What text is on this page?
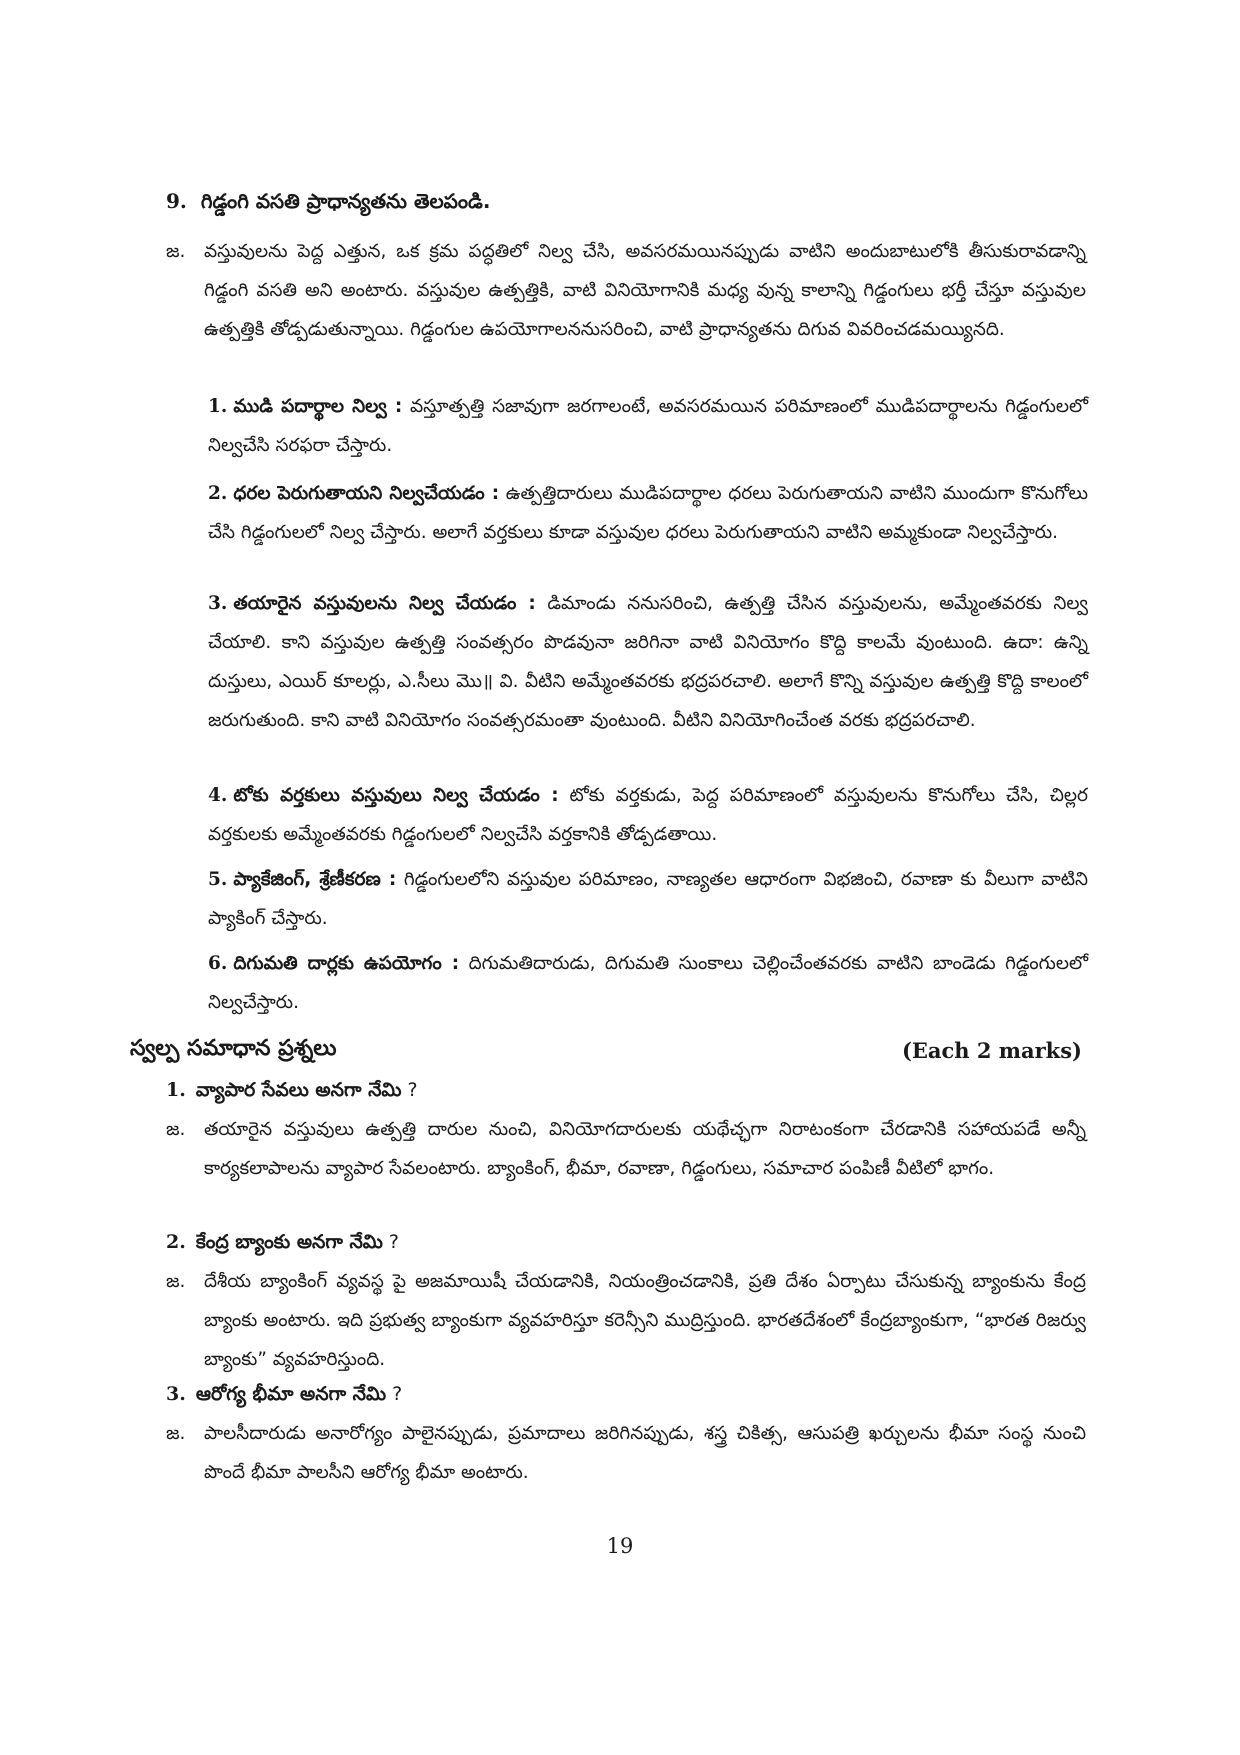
9. గిడ్డంగి వసతి ప్రాధాన్యతను తెలపండి.
జ. వస్తువులను పెద్ద ఎత్తున, ఒక క్రమ పద్ధతిలో నిల్వ చేసి, అవసరమయినప్పుడు వాటిని అందుబాటులోకి తీసుకురావడాన్ని గిడ్డంగి వసతి అని అంటారు. వస్తువుల ఉత్పత్తికి, వాటి వినియోగానికి మధ్య వున్న కాలాన్ని గిడ్డంగులు భర్తీ చేస్తూ వస్తువుల ఉత్పత్తికి తోడ్పడుతున్నాయి. గిడ్డంగుల ఉపయోగాలననుసరించి, వాటి ప్రాధాన్యతను దిగువ వివరించడమయ్యినది.
1. ముడి పదార్థాల నిల్వ : వస్తూత్పత్తి సజావుగా జరగాలంటే, అవసరమయిన పరిమాణంలో ముడిపదార్థాలను గిడ్డంగులలో నిల్వచేసి సరఫరా చేస్తారు.
2. ధరల పెరుగుతాయని నిల్వచేయడం : ఉత్పత్తిదారులు ముడిపదార్థాల ధరలు పెరుగుతాయని వాటిని ముందుగా కొనుగోలు చేసి గిడ్డంగులలో నిల్వ చేస్తారు. అలాగే వర్తకులు కూడా వస్తువుల ధరలు పెరుగుతాయని వాటిని అమ్మకుండా నిల్వచేస్తారు.
3. తయారైన వస్తువులను నిల్వ చేయడం : డిమాండు ననుసరించి, ఉత్పత్తి చేసిన వస్తువులను, అమ్మేంతవరకు నిల్వ చేయాలి. కాని వస్తువుల ఉత్పత్తి సంవత్సరం పొడవునా జరిగినా వాటి వినియోగం కొద్ది కాలమే వుంటుంది. ఉదా: ఉన్ని దుస్తులు, ఎయిర్ కూలర్లు, ఎ.సీలు మొ॥ వి. వీటిని అమ్మేంతవరకు భద్రపరచాలి. అలాగే కొన్ని వస్తువుల ఉత్పత్తి కొద్ది కాలంలో జరుగుతుంది. కాని వాటి వినియోగం సంవత్సరమంతా వుంటుంది. వీటిని వినియోగించేంత వరకు భద్రపరచాలి.
4. టోకు వర్తకులు వస్తువులు నిల్వ చేయడం : టోకు వర్తకుడు, పెద్ద పరిమాణంలో వస్తువులను కొనుగోలు చేసి, చిల్లర వర్తకులకు అమ్మేంతవరకు గిడ్డంగులలో నిల్వచేసి వర్తకానికి తోడ్పడతాయి.
5. ప్యాకేజింగ్, శ్రేణీకరణ : గిడ్డంగులలోని వస్తువుల పరిమాణం, నాణ్యతల ఆధారంగా విభజించి, రవాణా కు వీలుగా వాటిని ప్యాకింగ్ చేస్తారు.
6. దిగుమతి దార్లకు ఉపయోగం : దిగుమతిదారుడు, దిగుమతి సుంకాలు చెల్లించేంతవరకు వాటిని బాండెడు గిడ్డంగులలో నిల్వచేస్తారు.
స్వల్ప సమాధాన ప్రశ్నలు	(Each 2 marks)
1. వ్యాపార సేవలు అనగా నేమి ?
జ. తయారైన వస్తువులు ఉత్పత్తి దారుల నుంచి, వినియోగదారులకు యథేచ్ఛగా నిరాటంకంగా చేరడానికి సహాయపడే అన్నీ కార్యకలాపాలను వ్యాపార సేవలంటారు. బ్యాంకింగ్, భీమా, రవాణా, గిడ్డంగులు, సమాచార పంపిణీ వీటిలో భాగం.
2. కేంద్ర బ్యాంకు అనగా నేమి ?
జ. దేశీయ బ్యాంకింగ్ వ్యవస్థ పై అజమాయిషీ చేయడానికి, నియంత్రించడానికి, ప్రతి దేశం ఏర్పాటు చేసుకున్న బ్యాంకును కేంద్ర బ్యాంకు అంటారు. ఇది ప్రభుత్వ బ్యాంకుగా వ్యవహరిస్తూ కరెన్సీని ముద్రిస్తుంది. భారతదేశంలో కేంద్రబ్యాంకుగా, “భారత రిజర్వు బ్యాంకు” వ్యవహరిస్తుంది.
3. ఆరోగ్య భీమా అనగా నేమి ?
జ. పాలసీదారుడు అనారోగ్యం పాలైనప్పుడు, ప్రమాదాలు జరిగినప్పుడు, శస్త్ర చికిత్స, ఆసుపత్రి ఖర్చులను భీమా సంస్థ నుంచి పొందే భీమా పాలసీని ఆరోగ్య భీమా అంటారు.
19
